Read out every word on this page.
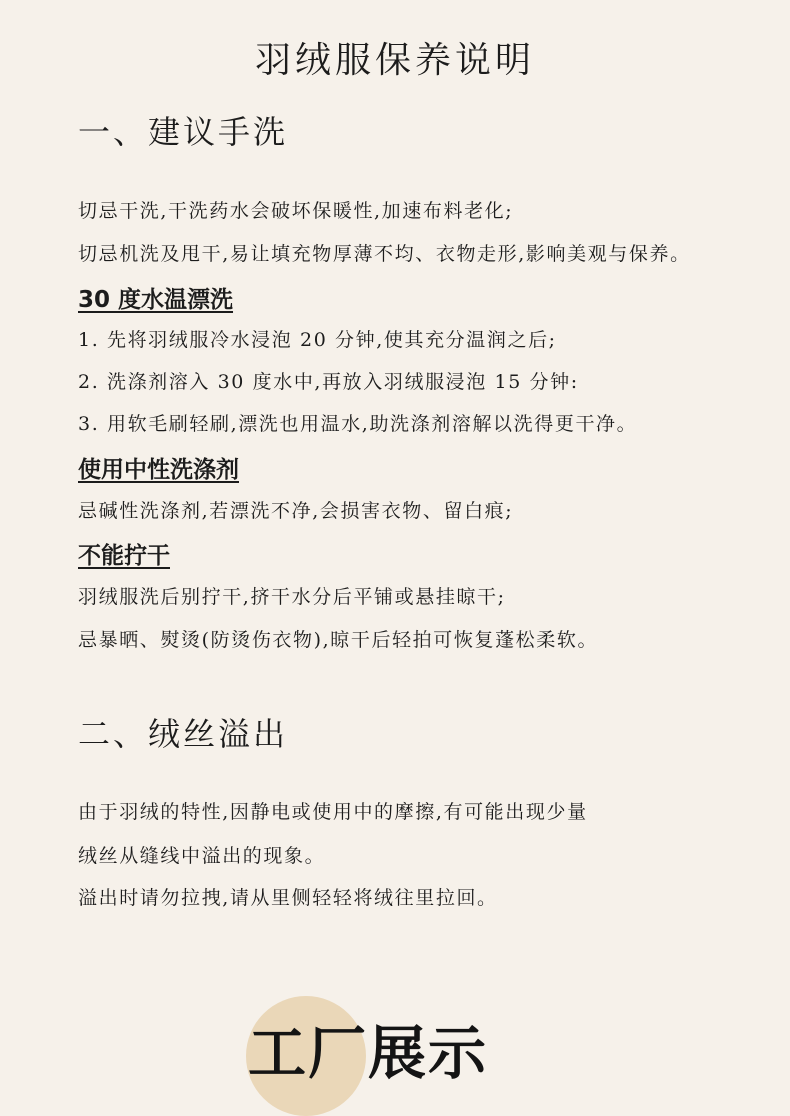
羽绒服保养说明
一、建议手洗
切忌干洗,干洗药水会破坏保暖性,加速布料老化;
切忌机洗及甩干,易让填充物厚薄不均、衣物走形,影响美观与保养。
30 度水温漂洗
1. 先将羽绒服冷水浸泡 20 分钟,使其充分温润之后;
2. 洗涤剂溶入 30 度水中,再放入羽绒服浸泡 15 分钟:
3. 用软毛刷轻刷,漂洗也用温水,助洗涤剂溶解以洗得更干净。
使用中性洗涤剂
忌碱性洗涤剂,若漂洗不净,会损害衣物、留白痕;
不能拧干
羽绒服洗后别拧干,挤干水分后平铺或悬挂晾干;
忌暴晒、熨烫(防烫伤衣物),晾干后轻拍可恢复蓬松柔软。
二、绒丝溢出
由于羽绒的特性,因静电或使用中的摩擦,有可能出现少量
绒丝从缝线中溢出的现象。
溢出时请勿拉拽,请从里侧轻轻将绒往里拉回。
工厂展示
